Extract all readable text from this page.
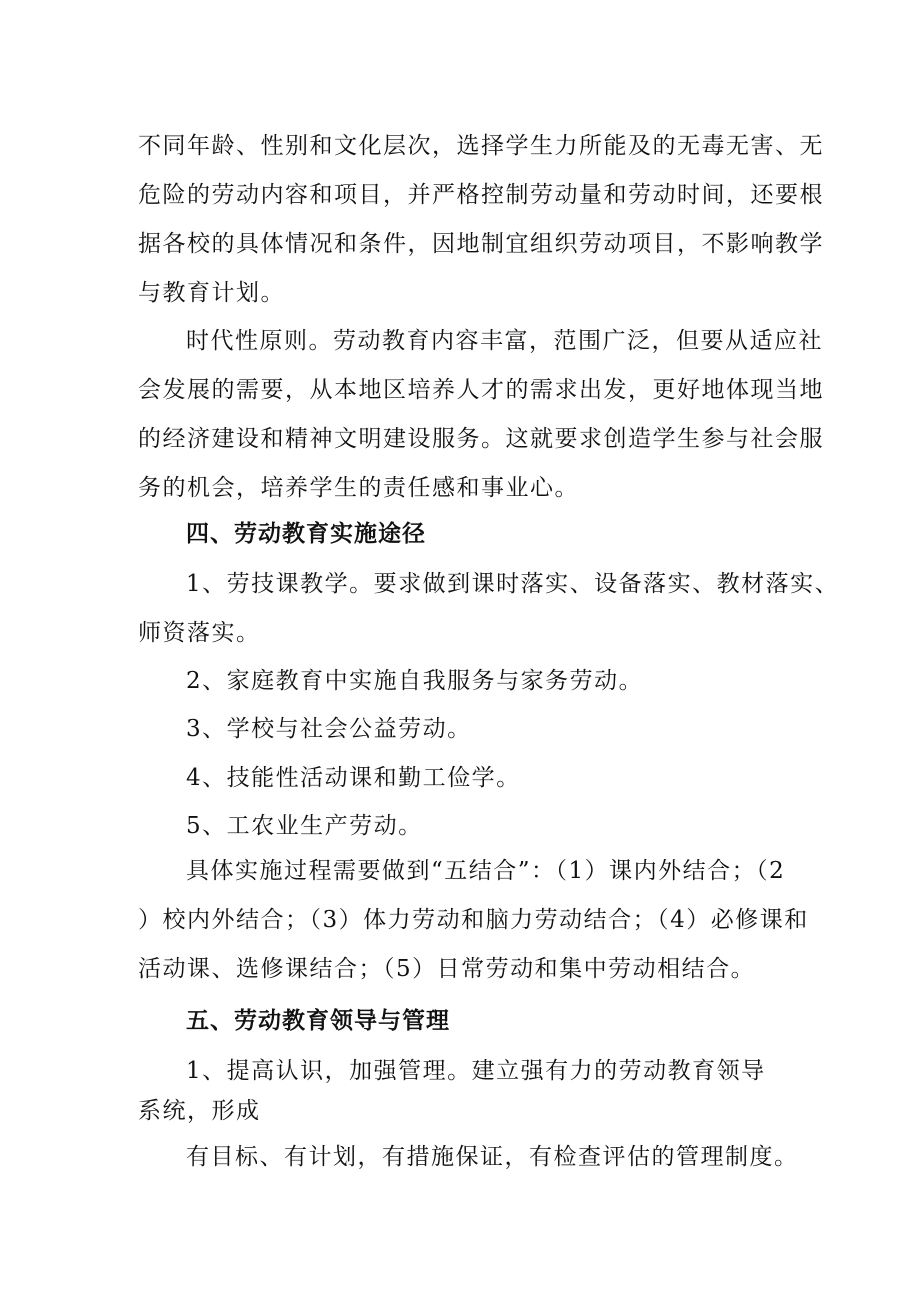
不同年龄、性别和文化层次，选择学生力所能及的无毒无害、无
危险的劳动内容和项目，并严格控制劳动量和劳动时间，还要根
据各校的具体情况和条件，因地制宜组织劳动项目，不影响教学
与教育计划。
时代性原则。劳动教育内容丰富，范围广泛，但要从适应社
会发展的需要，从本地区培养人才的需求出发，更好地体现当地
的经济建设和精神文明建设服务。这就要求创造学生参与社会服
务的机会，培养学生的责任感和事业心。
四、劳动教育实施途径
1、劳技课教学。要求做到课时落实、设备落实、教材落实、
师资落实。
2、家庭教育中实施自我服务与家务劳动。
3、学校与社会公益劳动。
4、技能性活动课和勤工俭学。
5、工农业生产劳动。
具体实施过程需要做到“五结合”：（1）课内外结合；（2
）校内外结合；（3）体力劳动和脑力劳动结合；（4）必修课和
活动课、选修课结合；（5）日常劳动和集中劳动相结合。
五、劳动教育领导与管理
1、提高认识，加强管理。建立强有力的劳动教育领导
系统，形成
有目标、有计划，有措施保证，有检查评估的管理制度。
